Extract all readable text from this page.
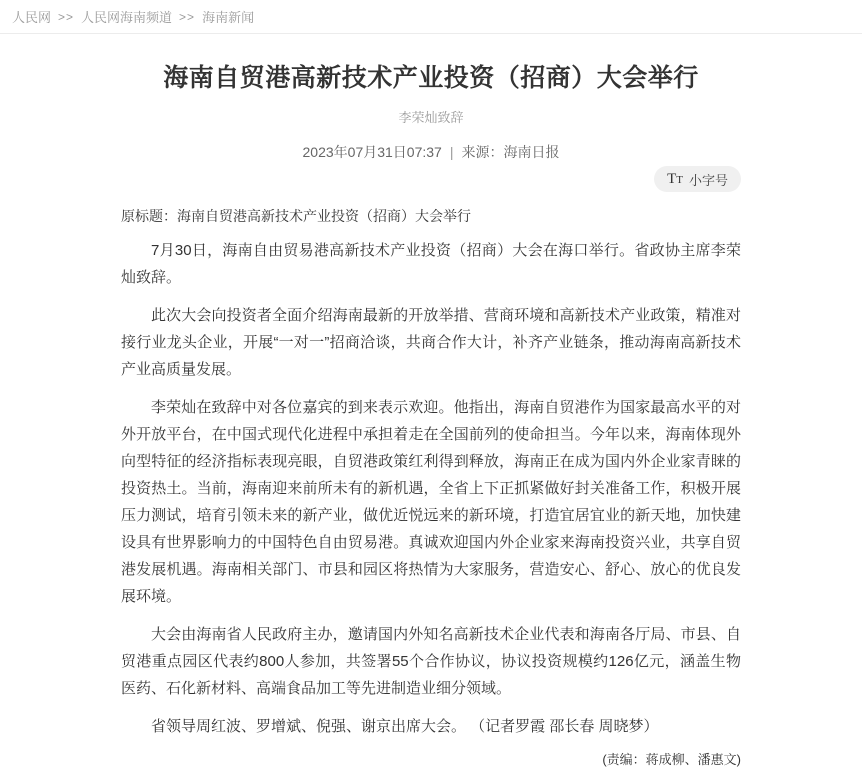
人民网 >> 人民网海南频道 >> 海南新闻
海南自贸港高新技术产业投资（招商）大会举行
李荣灿致辞
2023年07月31日07:37 | 来源：海南日报
TT 小字号
原标题：海南自贸港高新技术产业投资（招商）大会举行

7月30日，海南自由贸易港高新技术产业投资（招商）大会在海口举行。省政协主席李荣灿致辞。

此次大会向投资者全面介绍海南最新的开放举措、营商环境和高新技术产业政策，精准对接行业龙头企业，开展“一对一”招商洽谈，共商合作大计，补齐产业链条，推动海南高新技术产业高质量发展。

李荣灿在致辞中对各位嘉宾的到来表示欢迎。他指出，海南自贸港作为国家最高水平的对外开放平台，在中国式现代化进程中承担着走在全国前列的使命担当。今年以来，海南体现外向型特征的经济指标表现亮眼，自贸港政策红利得到释放，海南正在成为国内外企业家青睐的投资热土。当前，海南迎来前所未有的新机遇，全省上下正抓紧做好封关准备工作，积极开展压力测试，培育引领未来的新产业，做优近悦远来的新环境，打造宜居宜业的新天地，加快建设具有世界影响力的中国特色自由贸易港。真诚欢迎国内外企业家来海南投资兴业，共享自贸港发展机遇。海南相关部门、市县和园区将热情为大家服务，营造安心、舒心、放心的优良发展环境。

大会由海南省人民政府主办，邀请国内外知名高新技术企业代表和海南各厅局、市县、自贸港重点园区代表约800人参加，共签署55个合作协议，协议投资规模约126亿元，涵盖生物医药、石化新材料、高端食品加工等先进制造业细分领域。

省领导周红波、罗增斌、倪强、谢京出席大会。 （记者罗霞 邵长春 周晓梦）

(责编：蒋成柳、潘惠文)
